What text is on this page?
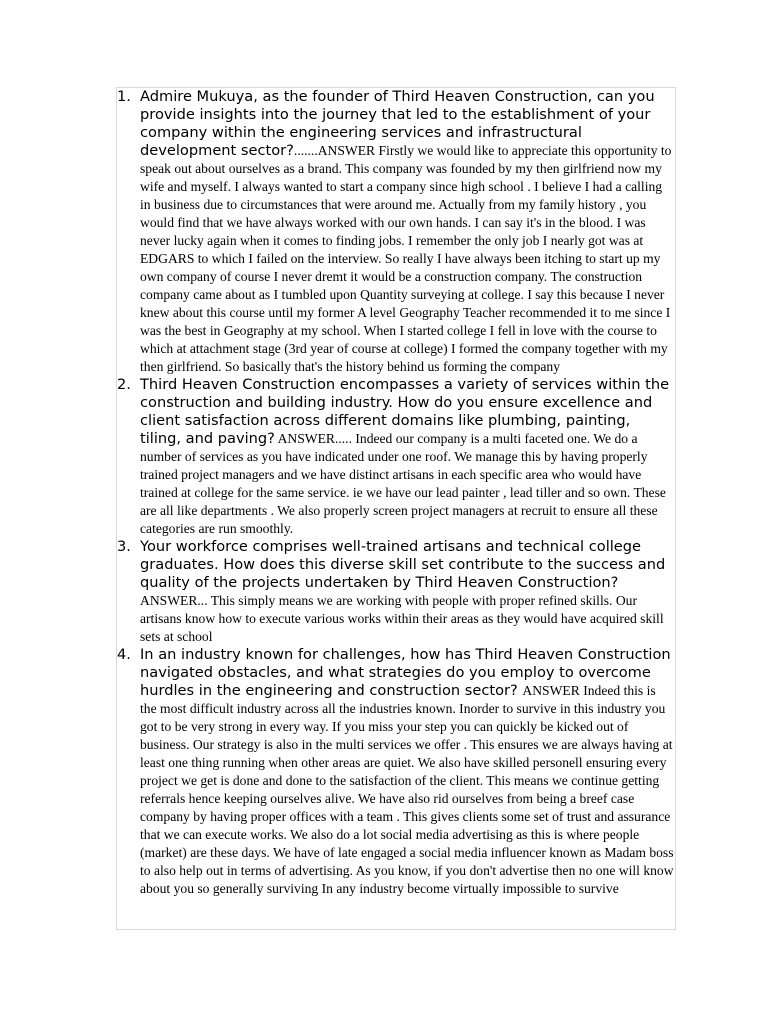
1. Admire Mukuya, as the founder of Third Heaven Construction, can you provide insights into the journey that led to the establishment of your company within the engineering services and infrastructural development sector?.......ANSWER Firstly we would like to appreciate this opportunity to speak out about ourselves as a brand. This company was founded by my then girlfriend now my wife and myself. I always wanted to start a company since high school . I believe I had a calling in business due to circumstances that were around me. Actually from my family history , you would find that we have always worked with our own hands. I can say it's in the blood. I was never lucky again when it comes to finding jobs. I remember the only job I nearly got was at EDGARS to which I failed on the interview. So really I have always been itching to start up my own company of course I never dremt it would be a construction company. The construction company came about as I tumbled upon Quantity surveying at college. I say this because I never knew about this course until my former A level Geography Teacher recommended it to me since I was the best in Geography at my school. When I started college I fell in love with the course to which at attachment stage (3rd year of course at college) I formed the company together with my then girlfriend. So basically that's the history behind us forming the company

2. Third Heaven Construction encompasses a variety of services within the construction and building industry. How do you ensure excellence and client satisfaction across different domains like plumbing, painting, tiling, and paving? ANSWER..... Indeed our company is a multi faceted one. We do a number of services as you have indicated under one roof. We manage this by having properly trained project managers and we have distinct artisans in each specific area who would have trained at college for the same service. ie we have our lead painter , lead tiller and so own. These are all like departments . We also properly screen project managers at recruit to ensure all these categories are run smoothly.

3. Your workforce comprises well-trained artisans and technical college graduates. How does this diverse skill set contribute to the success and quality of the projects undertaken by Third Heaven Construction? ANSWER... This simply means we are working with people with proper refined skills. Our artisans know how to execute various works within their areas as they would have acquired skill sets at school

4. In an industry known for challenges, how has Third Heaven Construction navigated obstacles, and what strategies do you employ to overcome hurdles in the engineering and construction sector? ANSWER Indeed this is the most difficult industry across all the industries known. Inorder to survive in this industry you got to be very strong in every way. If you miss your step you can quickly be kicked out of business. Our strategy is also in the multi services we offer . This ensures we are always having at least one thing running when other areas are quiet. We also have skilled personell ensuring every project we get is done and done to the satisfaction of the client. This means we continue getting referrals hence keeping ourselves alive. We have also rid ourselves from being a breef case company by having proper offices with a team . This gives clients some set of trust and assurance that we can execute works. We also do a lot social media advertising as this is where people (market) are these days. We have of late engaged a social media influencer known as Madam boss to also help out in terms of advertising. As you know, if you don't advertise then no one will know about you so generally surviving In any industry become virtually impossible to survive
